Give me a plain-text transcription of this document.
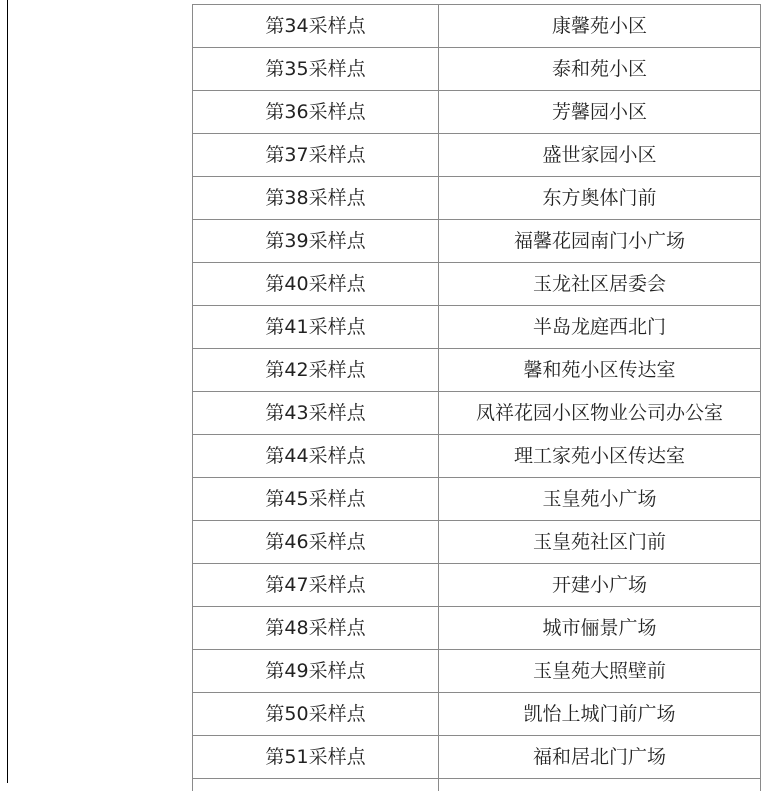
第34采样点	康馨苑小区
第35采样点	泰和苑小区
第36采样点	芳馨园小区
第37采样点	盛世家园小区
第38采样点	东方奥体门前
第39采样点	福馨花园南门小广场
第40采样点	玉龙社区居委会
第41采样点	半岛龙庭西北门
第42采样点	馨和苑小区传达室
第43采样点	凤祥花园小区物业公司办公室
第44采样点	理工家苑小区传达室
第45采样点	玉皇苑小广场
第46采样点	玉皇苑社区门前
第47采样点	开建小广场
第48采样点	城市俪景广场
第49采样点	玉皇苑大照壁前
第50采样点	凯怡上城门前广场
第51采样点	福和居北门广场
